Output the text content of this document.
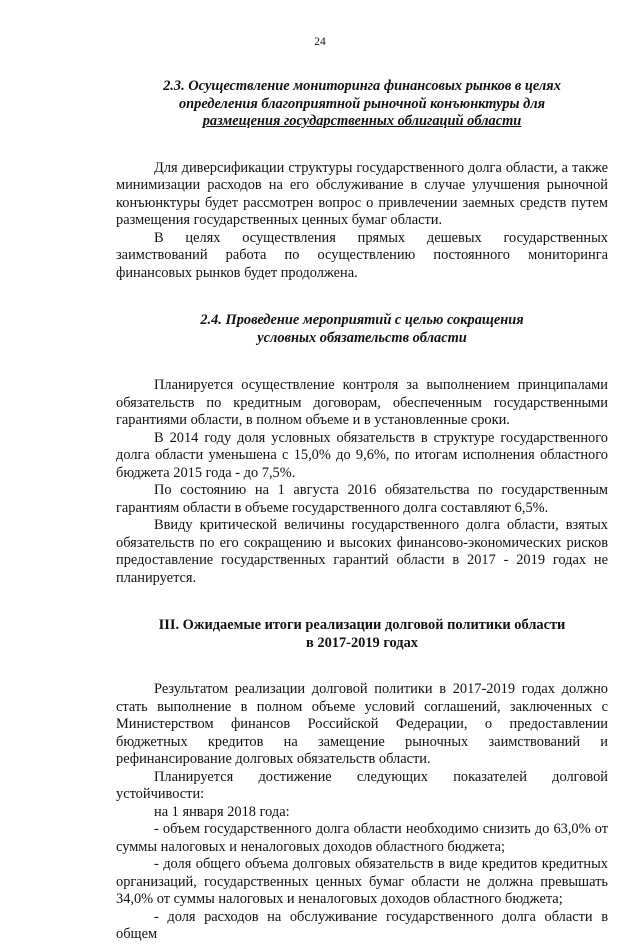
24
2.3. Осуществление мониторинга финансовых рынков в целях
определения благоприятной рыночной конъюнктуры для
размещения государственных облигаций области

Для диверсификации структуры государственного долга области, а также минимизации расходов на его обслуживание в случае улучшения рыночной конъюнктуры будет рассмотрен вопрос о привлечении заемных средств путем размещения государственных ценных бумаг области.

В целях осуществления прямых дешевых государственных заимствований работа по осуществлению постоянного мониторинга финансовых рынков будет продолжена.

2.4. Проведение мероприятий с целью сокращения
условных обязательств области

Планируется осуществление контроля за выполнением принципалами обязательств по кредитным договорам, обеспеченным государственными гарантиями области, в полном объеме и в установленные сроки.

В 2014 году доля условных обязательств в структуре государственного долга области уменьшена с 15,0% до 9,6%, по итогам исполнения областного бюджета 2015 года - до 7,5%.

По состоянию на 1 августа 2016 обязательства по государственным гарантиям области в объеме государственного долга составляют 6,5%.

Ввиду критической величины государственного долга области, взятых обязательств по его сокращению и высоких финансово-экономических рисков предоставление государственных гарантий области в 2017 - 2019 годах не планируется.

III. Ожидаемые итоги реализации долговой политики области
в 2017-2019 годах

Результатом реализации долговой политики в 2017-2019 годах должно стать выполнение в полном объеме условий соглашений, заключенных с Министерством финансов Российской Федерации, о предоставлении бюджетных кредитов на замещение рыночных заимствований и рефинансирование долговых обязательств области.

Планируется достижение следующих показателей долговой устойчивости:

на 1 января 2018 года:

- объем государственного долга области необходимо снизить до 63,0% от суммы налоговых и неналоговых доходов областного бюджета;

- доля общего объема долговых обязательств в виде кредитов кредитных организаций, государственных ценных бумаг области не должна превышать 34,0% от суммы налоговых и неналоговых доходов областного бюджета;

- доля расходов на обслуживание государственного долга области в общем
